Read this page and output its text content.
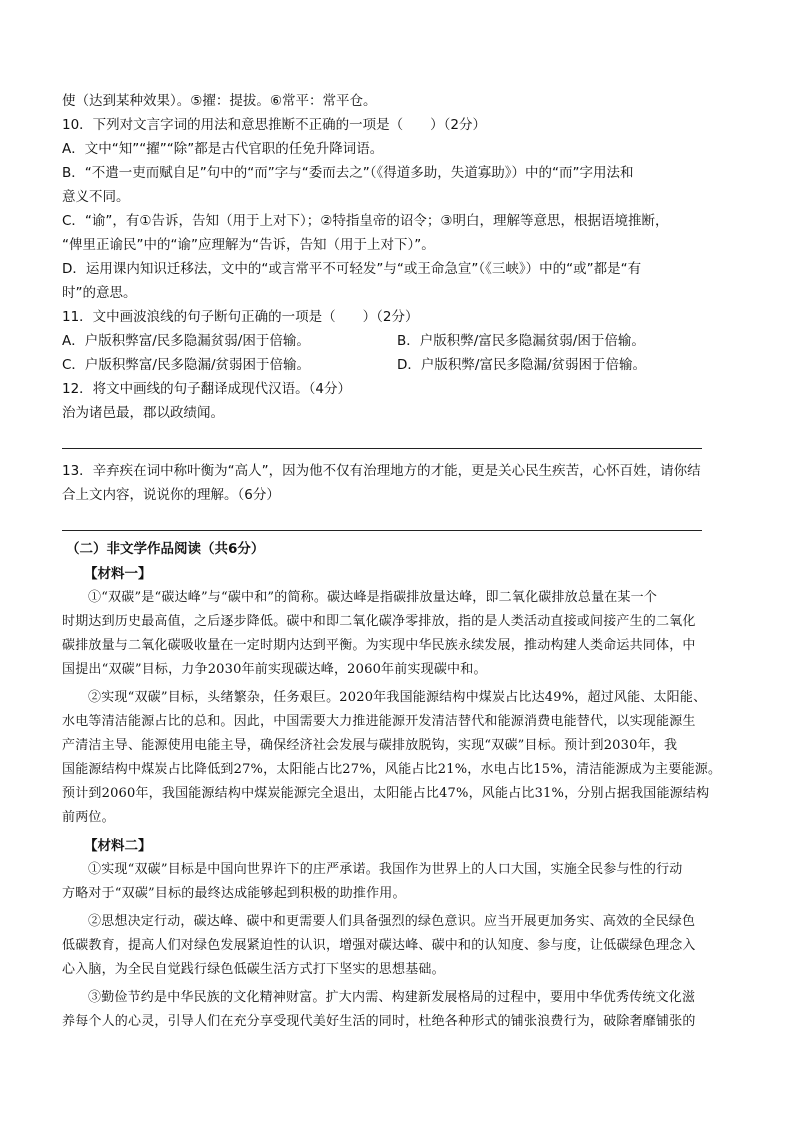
使（达到某种效果）。⑤擢：提拔。⑥常平：常平仓。
10．下列对文言字词的用法和意思推断不正确的一项是（　　）（2分）
A．文中“知”“擢”“除”都是古代官职的任免升降词语。
B．“不遣一吏而赋自足”句中的“而”字与“委而去之”（《得道多助，失道寡助》）中的“而”字用法和
意义不同。
C．“谕”，有①告诉，告知（用于上对下）；②特指皇帝的诏令；③明白，理解等意思，根据语境推断，
“俾里正谕民”中的“谕”应理解为“告诉，告知（用于上对下）”。
D．运用课内知识迁移法，文中的“或言常平不可轻发”与“或王命急宣”（《三峡》）中的“或”都是“有
时”的意思。
11．文中画波浪线的句子断句正确的一项是（　　）（2分）
A．户版积弊富/民多隐漏贫弱/困于倍输。	B．户版积弊/富民多隐漏贫弱/困于倍输。
C．户版积弊富/民多隐漏/贫弱困于倍输。	D．户版积弊/富民多隐漏/贫弱困于倍输。
12．将文中画线的句子翻译成现代汉语。（4分）
治为诸邑最，郡以政绩闻。
13．辛弃疾在词中称叶衡为“高人”，因为他不仅有治理地方的才能，更是关心民生疾苦，心怀百姓，请你结
合上文内容，说说你的理解。（6分）
（二）非文学作品阅读（共6分）
【材料一】
①“双碳”是“碳达峰”与“碳中和”的简称。碳达峰是指碳排放量达峰，即二氧化碳排放总量在某一个
时期达到历史最高值，之后逐步降低。碳中和即二氧化碳净零排放，指的是人类活动直接或间接产生的二氧化
碳排放量与二氧化碳吸收量在一定时期内达到平衡。为实现中华民族永续发展，推动构建人类命运共同体，中
国提出“双碳”目标，力争2030年前实现碳达峰，2060年前实现碳中和。
②实现“双碳”目标，头绪繁杂，任务艰巨。2020年我国能源结构中煤炭占比达49%，超过风能、太阳能、
水电等清洁能源占比的总和。因此，中国需要大力推进能源开发清洁替代和能源消费电能替代，以实现能源生
产清洁主导、能源使用电能主导，确保经济社会发展与碳排放脱钩，实现“双碳”目标。预计到2030年，我
国能源结构中煤炭占比降低到27%，太阳能占比27%，风能占比21%，水电占比15%，清洁能源成为主要能源。
预计到2060年，我国能源结构中煤炭能源完全退出，太阳能占比47%，风能占比31%，分别占据我国能源结构
前两位。
【材料二】
①实现“双碳”目标是中国向世界许下的庄严承诺。我国作为世界上的人口大国，实施全民参与性的行动
方略对于“双碳”目标的最终达成能够起到积极的助推作用。
②思想决定行动，碳达峰、碳中和更需要人们具备强烈的绿色意识。应当开展更加务实、高效的全民绿色
低碳教育，提高人们对绿色发展紧迫性的认识，增强对碳达峰、碳中和的认知度、参与度，让低碳绿色理念入
心入脑，为全民自觉践行绿色低碳生活方式打下坚实的思想基础。
③勤俭节约是中华民族的文化精神财富。扩大内需、构建新发展格局的过程中，要用中华优秀传统文化滋
养每个人的心灵，引导人们在充分享受现代美好生活的同时，杜绝各种形式的铺张浪费行为，破除奢靡铺张的
